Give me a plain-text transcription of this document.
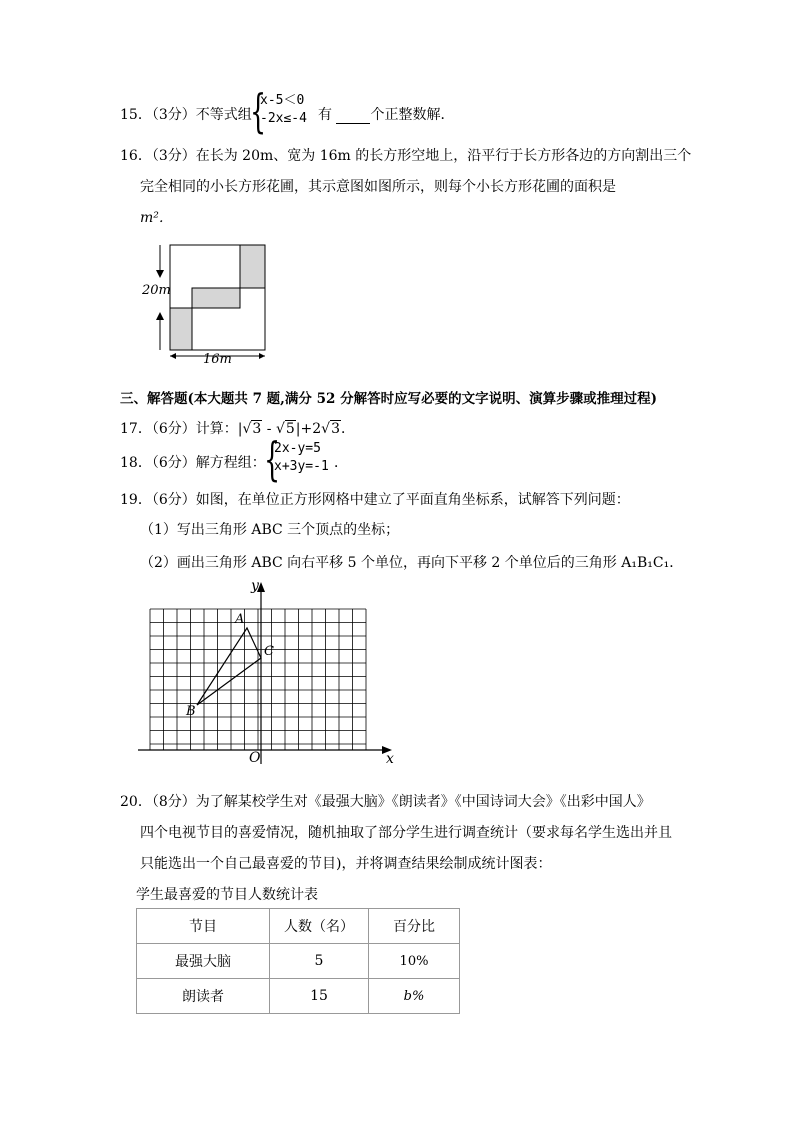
15．（3分）不等式组
{
x-5＜0
-2x≤-4 有	个正整数解．
16．（3分）在长为 20m、宽为 16m 的长方形空地上，沿平行于长方形各边的方向割出三个
完全相同的小长方形花圃，其示意图如图所示，则每个小长方形花圃的面积是
m²．
20m
16m
三、解答题(本大题共 7 题,满分 52 分解答时应写必要的文字说明、演算步骤或推理过程)
17．（6分）计算：|√3 - √5|+2√3．
18．（6分）解方程组：
{
2x-y=5
x+3y=-1 ．
19．（6分）如图，在单位正方形网格中建立了平面直角坐标系，试解答下列问题：
（1）写出三角形 ABC 三个顶点的坐标；
（2）画出三角形 ABC 向右平移 5 个单位，再向下平移 2 个单位后的三角形 A₁B₁C₁．
y
x
O
A
B
C
20．（8分）为了解某校学生对《最强大脑》《朗读者》《中国诗词大会》《出彩中国人》
四个电视节目的喜爱情况，随机抽取了部分学生进行调查统计（要求每名学生选出并且
只能选出一个自己最喜爱的节目)，并将调查结果绘制成统计图表：
学生最喜爱的节目人数统计表
节目	人数（名）	百分比
最强大脑	5	10%
朗读者	15	b%
